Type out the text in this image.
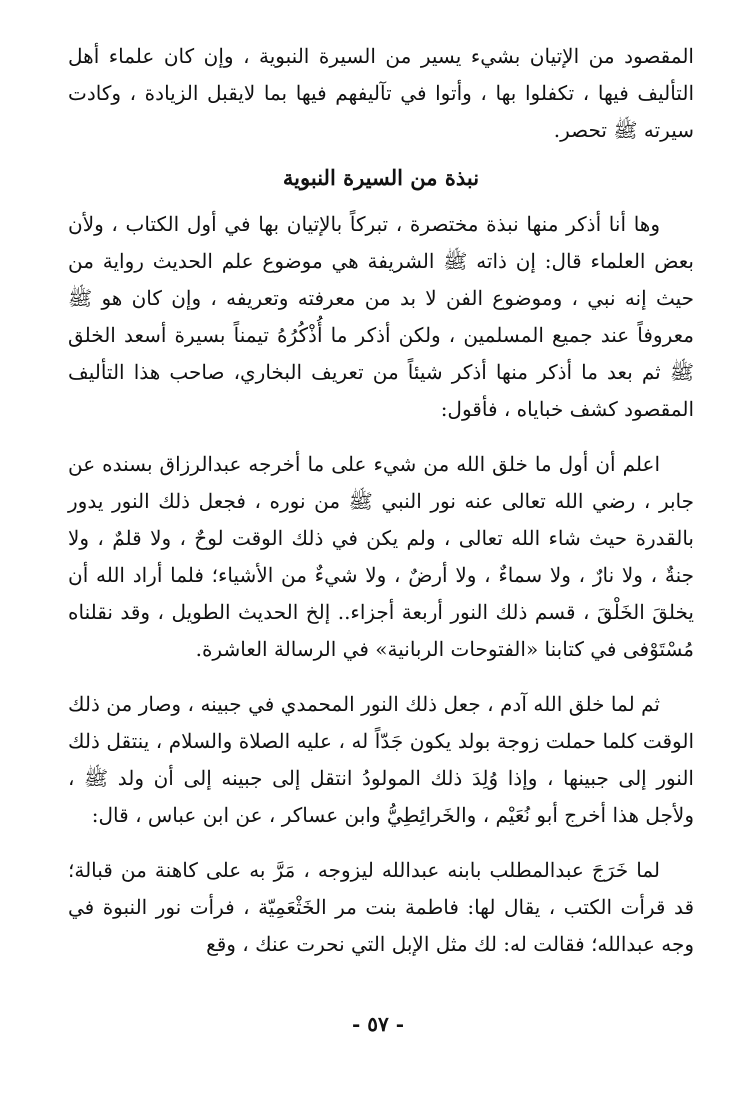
المقصود من الإتيان بشيء يسير من السيرة النبوية ، وإن كان علماء أهل التأليف فيها ، تكفلوا بها ، وأتوا في تآليفهم فيها بما لايقبل الزيادة ، وكادت سيرته ﷺ تحصر.

نبذة من السيرة النبوية

وها أنا أذكر منها نبذة مختصرة ، تبركاً بالإتيان بها في أول الكتاب ، ولأن بعض العلماء قال: إن ذاته ﷺ الشريفة هي موضوع علم الحديث رواية من حيث إنه نبي ، وموضوع الفن لا بد من معرفته وتعريفه ، وإن كان هو ﷺ معروفاً عند جميع المسلمين ، ولكن أذكر ما أُذْكُرُهُ تيمناً بسيرة أسعد الخلق ﷺ ثم بعد ما أذكر منها أذكر شيئاً من تعريف البخاري، صاحب هذا التأليف المقصود كشف خباياه ، فأقول:

اعلم أن أول ما خلق الله من شيء على ما أخرجه عبدالرزاق بسنده عن جابر ، رضي الله تعالى عنه نور النبي ﷺ من نوره ، فجعل ذلك النور يدور بالقدرة حيث شاء الله تعالى ، ولم يكن في ذلك الوقت لوحٌ ، ولا قلمٌ ، ولا جنةٌ ، ولا نارٌ ، ولا سماءٌ ، ولا أرضٌ ، ولا شيءٌ من الأشياء؛ فلما أراد الله أن يخلقَ الخَلْقَ ، قسم ذلك النور أربعة أجزاء.. إلخ الحديث الطويل ، وقد نقلناه مُسْتَوْفى في كتابنا «الفتوحات الربانية» في الرسالة العاشرة.

ثم لما خلق الله آدم ، جعل ذلك النور المحمدي في جبينه ، وصار من ذلك الوقت كلما حملت زوجة بولد يكون جَدّاً له ، عليه الصلاة والسلام ، ينتقل ذلك النور إلى جبينها ، وإذا وُلِدَ ذلك المولودُ انتقل إلى جبينه إلى أن ولد ﷺ ، ولأجل هذا أخرج أبو نُعَيْم ، والخَرائِطِيُّ وابن عساكر ، عن ابن عباس ، قال:

لما خَرَجَ عبدالمطلب بابنه عبدالله ليزوجه ، مَرَّ به على كاهنة من قبالة؛ قد قرأت الكتب ، يقال لها: فاطمة بنت مر الخَثْعَمِيّة ، فرأت نور النبوة في وجه عبدالله؛ فقالت له: لك مثل الإبل التي نحرت عنك ، وقع

- ٥٧ -
